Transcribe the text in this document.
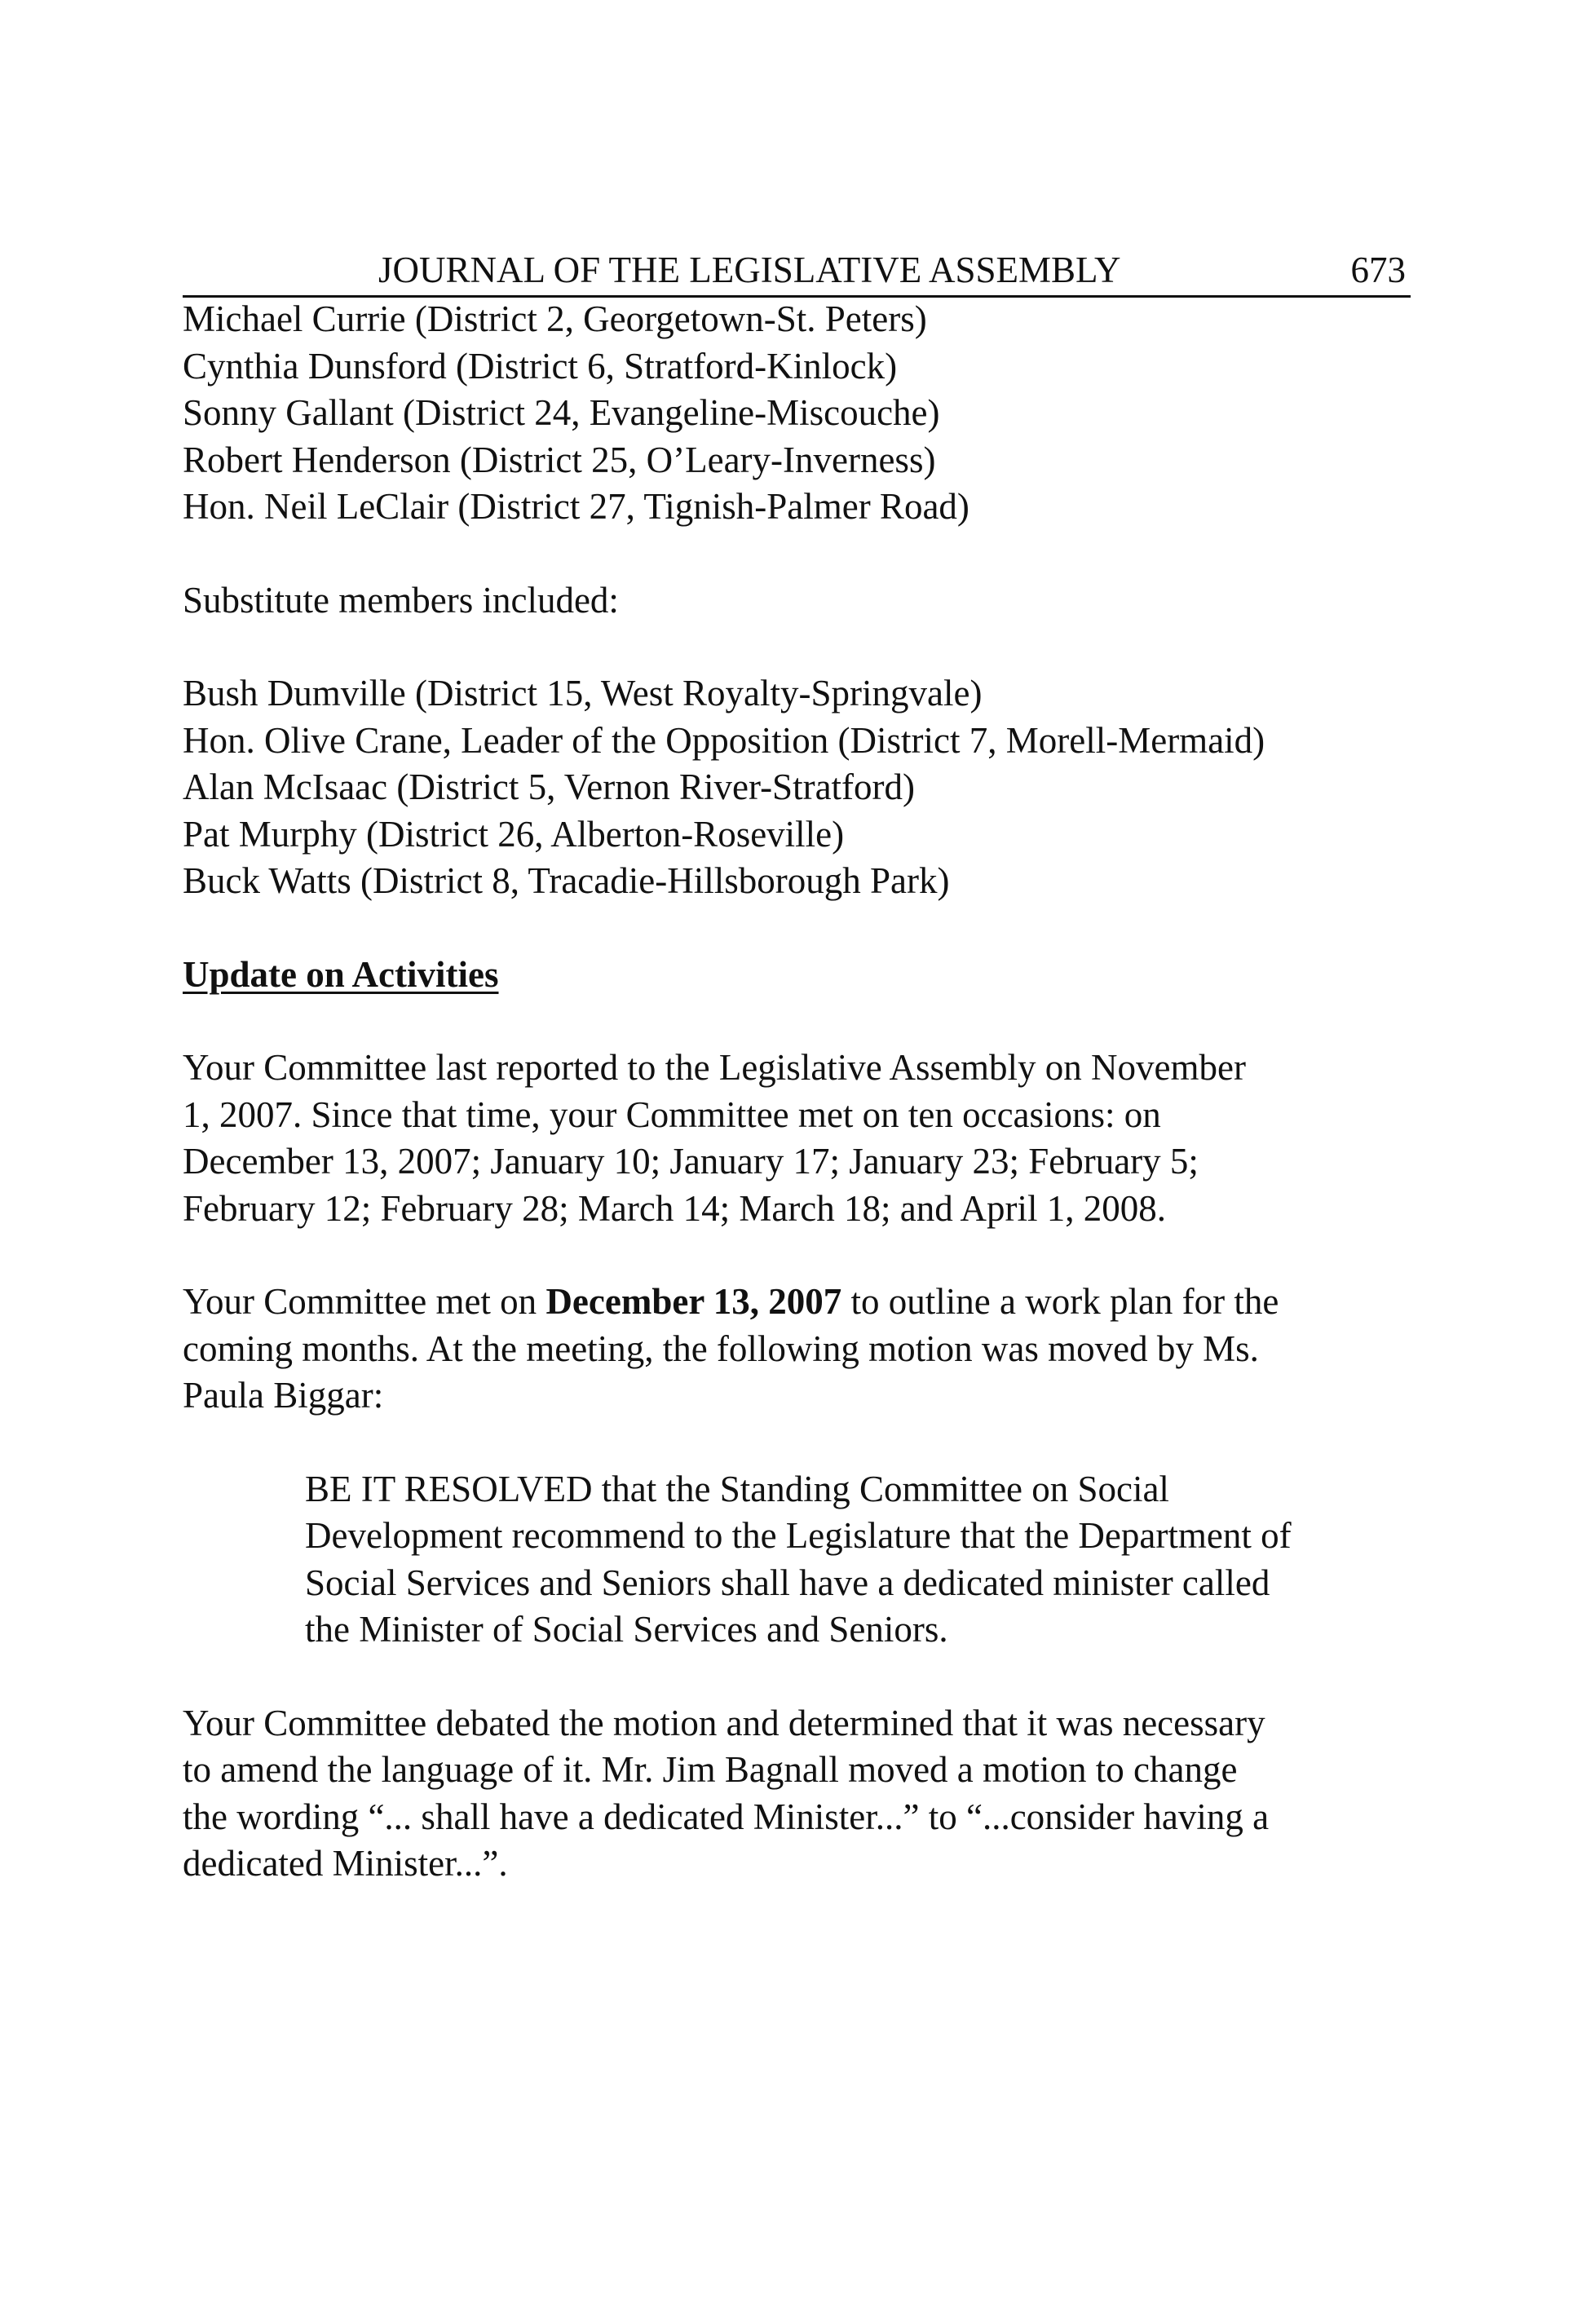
JOURNAL OF THE LEGISLATIVE ASSEMBLY	673
Michael Currie (District 2, Georgetown-St. Peters)
Cynthia Dunsford (District 6, Stratford-Kinlock)
Sonny Gallant (District 24, Evangeline-Miscouche)
Robert Henderson (District 25, O’Leary-Inverness)
Hon. Neil LeClair (District 27, Tignish-Palmer Road)
Substitute members included:
Bush Dumville (District 15, West Royalty-Springvale)
Hon. Olive Crane, Leader of the Opposition (District 7, Morell-Mermaid)
Alan McIsaac (District 5, Vernon River-Stratford)
Pat Murphy (District 26, Alberton-Roseville)
Buck Watts (District 8, Tracadie-Hillsborough Park)
Update on Activities
Your Committee last reported to the Legislative Assembly on November
1, 2007. Since that time, your Committee met on ten occasions: on
December 13, 2007; January 10; January 17; January 23; February 5;
February 12; February 28; March 14; March 18; and April 1, 2008.
Your Committee met on December 13, 2007 to outline a work plan for the
coming months. At the meeting, the following motion was moved by Ms.
Paula Biggar:
BE IT RESOLVED that the Standing Committee on Social
Development recommend to the Legislature that the Department of
Social Services and Seniors shall have a dedicated minister called
the Minister of Social Services and Seniors.
Your Committee debated the motion and determined that it was necessary
to amend the language of it. Mr. Jim Bagnall moved a motion to change
the wording “... shall have a dedicated Minister...” to “...consider having a
dedicated Minister...”.
